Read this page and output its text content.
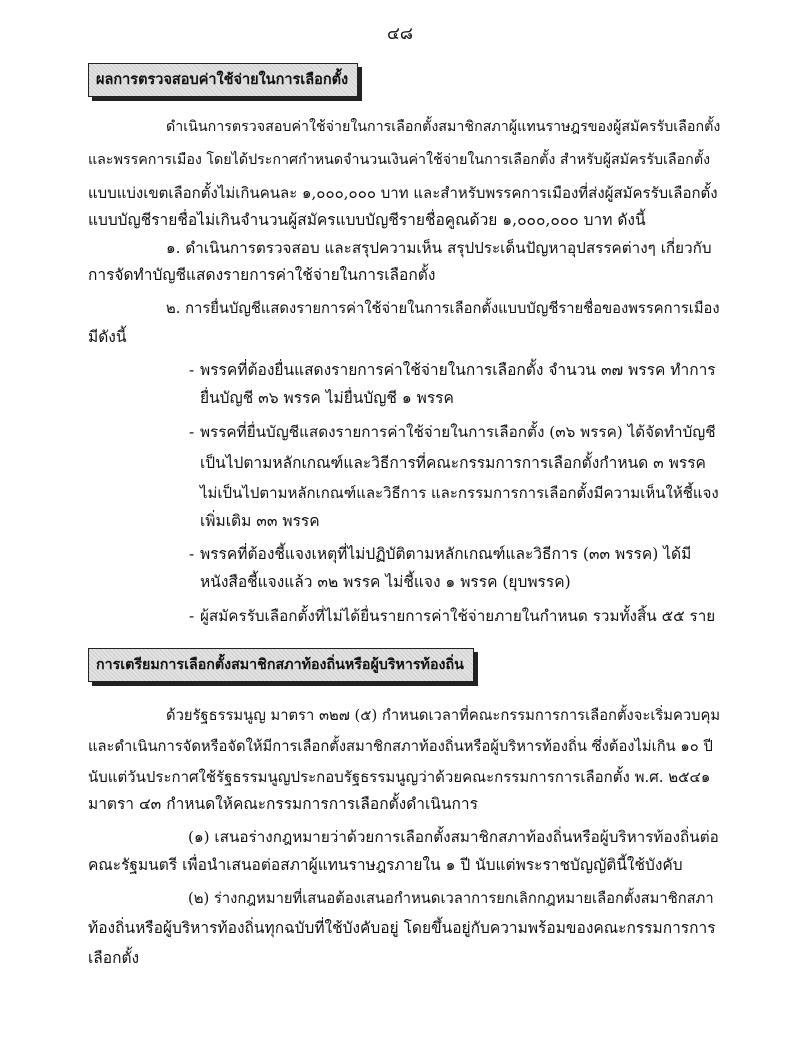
๔๘
ผลการตรวจสอบค่าใช้จ่ายในการเลือกตั้ง
ดำเนินการตรวจสอบค่าใช้จ่ายในการเลือกตั้งสมาชิกสภาผู้แทนราษฎรของผู้สมัครรับเลือกตั้ง
และพรรคการเมือง โดยได้ประกาศกำหนดจำนวนเงินค่าใช้จ่ายในการเลือกตั้ง สำหรับผู้สมัครรับเลือกตั้ง
แบบแบ่งเขตเลือกตั้งไม่เกินคนละ ๑,๐๐๐,๐๐๐ บาท และสำหรับพรรคการเมืองที่ส่งผู้สมัครรับเลือกตั้ง
แบบบัญชีรายชื่อไม่เกินจำนวนผู้สมัครแบบบัญชีรายชื่อคูณด้วย ๑,๐๐๐,๐๐๐ บาท ดังนี้
๑. ดำเนินการตรวจสอบ และสรุปความเห็น สรุปประเด็นปัญหาอุปสรรคต่างๆ เกี่ยวกับ
การจัดทำบัญชีแสดงรายการค่าใช้จ่ายในการเลือกตั้ง
๒. การยื่นบัญชีแสดงรายการค่าใช้จ่ายในการเลือกตั้งแบบบัญชีรายชื่อของพรรคการเมือง
มีดังนี้
- พรรคที่ต้องยื่นแสดงรายการค่าใช้จ่ายในการเลือกตั้ง จำนวน ๓๗ พรรค ทำการ
ยื่นบัญชี ๓๖ พรรค ไม่ยื่นบัญชี ๑ พรรค
- พรรคที่ยื่นบัญชีแสดงรายการค่าใช้จ่ายในการเลือกตั้ง (๓๖ พรรค) ได้จัดทำบัญชี
เป็นไปตามหลักเกณฑ์และวิธีการที่คณะกรรมการการเลือกตั้งกำหนด ๓ พรรค
ไม่เป็นไปตามหลักเกณฑ์และวิธีการ และกรรมการการเลือกตั้งมีความเห็นให้ชี้แจง
เพิ่มเติม ๓๓ พรรค
- พรรคที่ต้องชี้แจงเหตุที่ไม่ปฏิบัติตามหลักเกณฑ์และวิธีการ (๓๓ พรรค) ได้มี
หนังสือชี้แจงแล้ว ๓๒ พรรค ไม่ชี้แจง ๑ พรรค (ยุบพรรค)
- ผู้สมัครรับเลือกตั้งที่ไม่ได้ยื่นรายการค่าใช้จ่ายภายในกำหนด รวมทั้งสิ้น ๕๕ ราย
การเตรียมการเลือกตั้งสมาชิกสภาท้องถิ่นหรือผู้บริหารท้องถิ่น
ด้วยรัฐธรรมนูญ มาตรา ๓๒๗ (๕) กำหนดเวลาที่คณะกรรมการการเลือกตั้งจะเริ่มควบคุม
และดำเนินการจัดหรือจัดให้มีการเลือกตั้งสมาชิกสภาท้องถิ่นหรือผู้บริหารท้องถิ่น ซึ่งต้องไม่เกิน ๑๐ ปี
นับแต่วันประกาศใช้รัฐธรรมนูญประกอบรัฐธรรมนูญว่าด้วยคณะกรรมการการเลือกตั้ง พ.ศ. ๒๕๔๑
มาตรา ๔๓ กำหนดให้คณะกรรมการการเลือกตั้งดำเนินการ
(๑) เสนอร่างกฎหมายว่าด้วยการเลือกตั้งสมาชิกสภาท้องถิ่นหรือผู้บริหารท้องถิ่นต่อ
คณะรัฐมนตรี เพื่อนำเสนอต่อสภาผู้แทนราษฎรภายใน ๑ ปี นับแต่พระราชบัญญัตินี้ใช้บังคับ
(๒) ร่างกฎหมายที่เสนอต้องเสนอกำหนดเวลาการยกเลิกกฎหมายเลือกตั้งสมาชิกสภา
ท้องถิ่นหรือผู้บริหารท้องถิ่นทุกฉบับที่ใช้บังคับอยู่ โดยขึ้นอยู่กับความพร้อมของคณะกรรมการการ
เลือกตั้ง
